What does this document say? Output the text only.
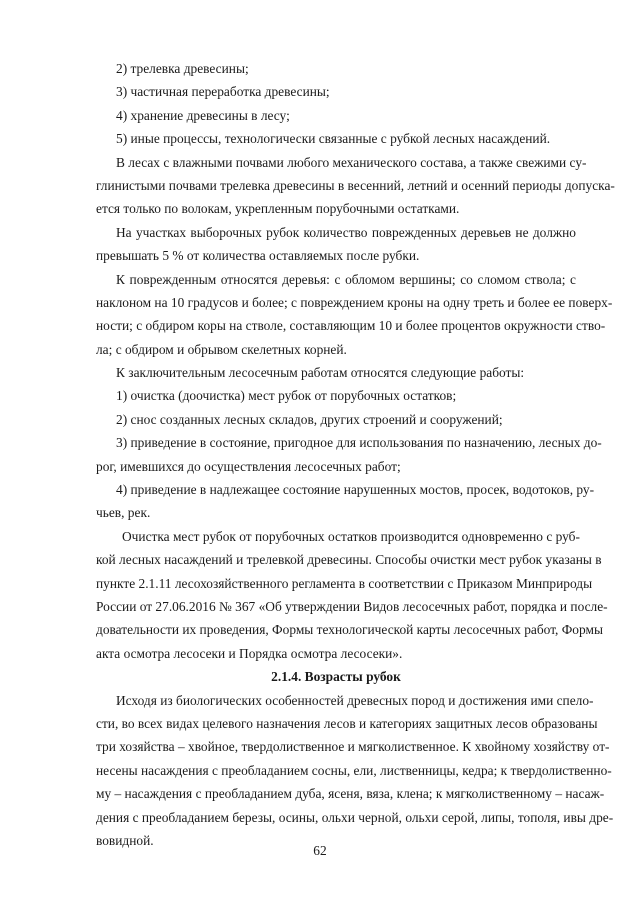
2) трелевка древесины;
3) частичная переработка древесины;
4) хранение древесины в лесу;
5) иные процессы, технологически связанные с рубкой лесных насаждений.
В лесах с влажными почвами любого механического состава, а также свежими су-
глинистыми почвами трелевка древесины в весенний, летний и осенний периоды допуска-
ется только по волокам, укрепленным порубочными остатками.
На участках выборочных рубок количество поврежденных деревьев не должно
превышать 5 % от количества оставляемых после рубки.
К поврежденным относятся деревья: с обломом вершины; со сломом ствола; с
наклоном на 10 градусов и более; с повреждением кроны на одну треть и более ее поверх-
ности; с обдиром коры на стволе, составляющим 10 и более процентов окружности ство-
ла; с обдиром и обрывом скелетных корней.
К заключительным лесосечным работам относятся следующие работы:
1) очистка (доочистка) мест рубок от порубочных остатков;
2) снос созданных лесных складов, других строений и сооружений;
3) приведение в состояние, пригодное для использования по назначению, лесных до-
рог, имевшихся до осуществления лесосечных работ;
4) приведение в надлежащее состояние нарушенных мостов, просек, водотоков, ру-
чьев, рек.
Очистка мест рубок от порубочных остатков производится одновременно с руб-
кой лесных насаждений и трелевкой древесины. Способы очистки мест рубок указаны в
пункте 2.1.11 лесохозяйственного регламента в соответствии с Приказом Минприроды
России от 27.06.2016 № 367 «Об утверждении Видов лесосечных работ, порядка и после-
довательности их проведения, Формы технологической карты лесосечных работ, Формы
акта осмотра лесосеки и Порядка осмотра лесосеки».
2.1.4. Возрасты рубок
Исходя из биологических особенностей древесных пород и достижения ими спело-
сти, во всех видах целевого назначения лесов и категориях защитных лесов образованы
три хозяйства – хвойное, твердолиственное и мягколиственное. К хвойному хозяйству от-
несены насаждения с преобладанием сосны, ели, лиственницы, кедра; к твердолиственно-
му – насаждения с преобладанием дуба, ясеня, вяза, клена; к мягколиственному – насаж-
дения с преобладанием березы, осины, ольхи черной, ольхи серой, липы, тополя, ивы дре-
вовидной.
62
